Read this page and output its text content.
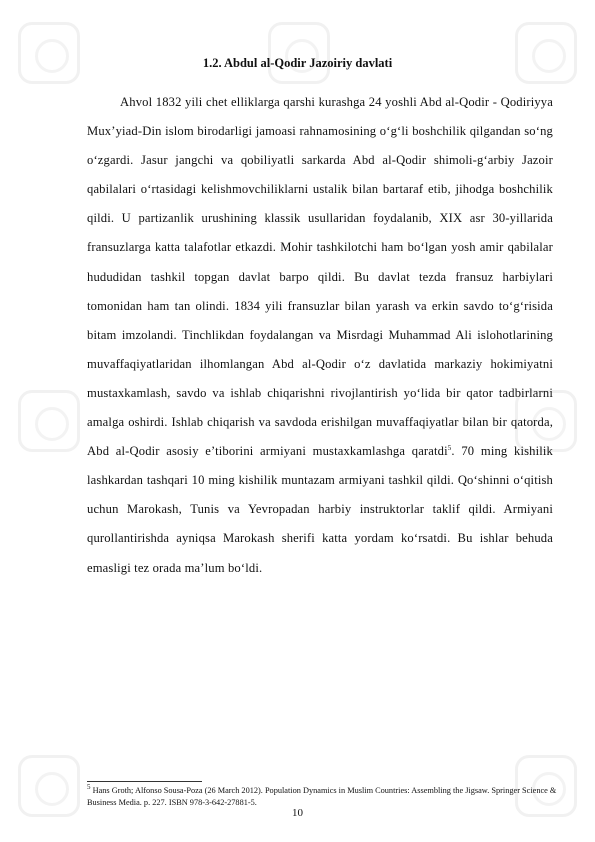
1.2. Abdul al-Qodir Jazoiriy davlati

Ahvol 1832 yili chet elliklarga qarshi kurashga 24 yoshli Abd al-Qodir - Qodiriyya Mux’yiad-Din islom birodarligi jamoasi rahnamosining o‘g‘li boshchilik qilgandan so‘ng o‘zgardi. Jasur jangchi va qobiliyatli sarkarda Abd al-Qodir shimoli-g‘arbiy Jazoir qabilalari o‘rtasidagi kelishmovchiliklarni ustalik bilan bartaraf etib, jihodga boshchilik qildi. U partizanlik urushining klassik usullaridan foydalanib, XIX asr 30-yillarida fransuzlarga katta talafotlar etkazdi. Mohir tashkilotchi ham bo‘lgan yosh amir qabilalar hududidan tashkil topgan davlat barpo qildi. Bu davlat tezda fransuz harbiylari tomonidan ham tan olindi. 1834 yili fransuzlar bilan yarash va erkin savdo to‘g‘risida bitam imzolandi. Tinchlikdan foydalangan va Misrdagi Muhammad Ali islohotlarining muvaffaqiyatlaridan ilhomlangan Abd al-Qodir o‘z davlatida markaziy hokimiyatni mustaxkamlash, savdo va ishlab chiqarishni rivojlantirish yo‘lida bir qator tadbirlarni amalga oshirdi. Ishlab chiqarish va savdoda erishilgan muvaffaqiyatlar bilan bir qatorda, Abd al-Qodir asosiy e’tiborini armiyani mustaxkamlashga qaratdi$^5$. 70 ming kishilik lashkardan tashqari 10 ming kishilik muntazam armiyani tashkil qildi. Qo‘shinni o‘qitish uchun Marokash, Tunis va Yevropadan harbiy instruktorlar taklif qildi. Armiyani qurollantirishda ayniqsa Marokash sherifi katta yordam ko‘rsatdi. Bu ishlar behuda emasligi tez orada ma’lum bo‘ldi.

$^5$ Hans Groth; Alfonso Sousa-Poza (26 March 2012). Population Dynamics in Muslim Countries: Assembling the Jigsaw. Springer Science & Business Media. p. 227. ISBN 978-3-642-27881-5.
10
